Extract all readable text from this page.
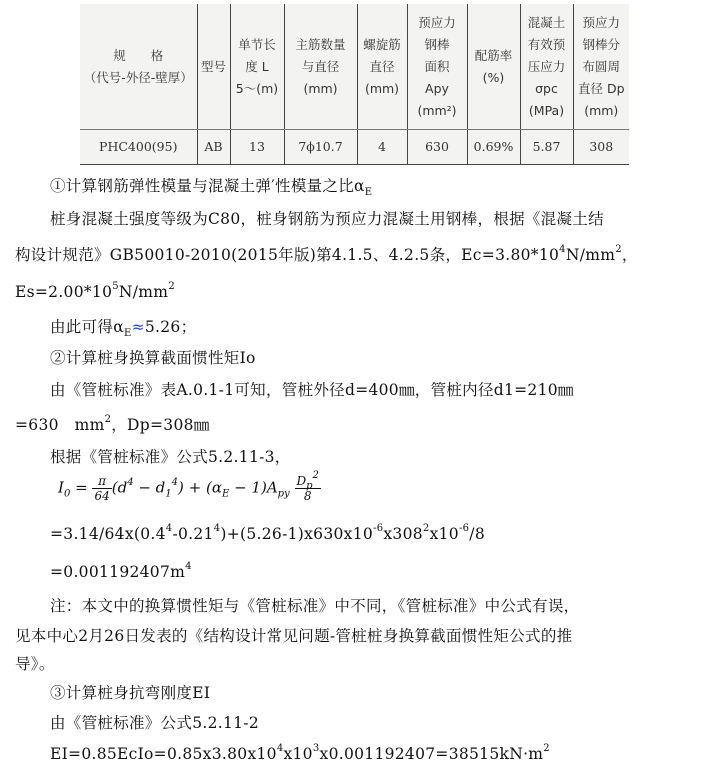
规　　格
（代号-外径-壁厚）	型号	单节长
度 L
5～(m)	主筋数量
与直径
(mm)	螺旋筋
直径
(mm)	预应力
钢棒
面积
Apy
(mm²)	配筋率
(%)	混凝土
有效预
压应力
σpc
(MPa)	预应力
钢棒分
布圆周
直径 Dp
(mm)

PHC400(95)	AB	13	7ϕ10.7	4	630	0.69%	5.87	308
①计算钢筋弹性模量与混凝土弹′性模量之比$\alpha_E$
桩身混凝土强度等级为C80，桩身钢筋为预应力混凝土用钢棒，根据《混凝土结
构设计规范》GB50010-2010(2015年版)第4.1.5、4.2.5条，$Ec=3.80*10^4N/mm^2$，
$Es=2.00*10^5N/mm^2$
由此可得$\alpha_E\approx 5.26$；
②计算桩身换算截面惯性矩Io
由《管桩标准》表A.0.1-1可知，管桩外径d=400㎜，管桩内径d1=210㎜
=630　$mm^2$，Dp=308㎜
根据《管桩标准》公式5.2.11-3，
$I_0 = \frac{\pi}{64} (d^4 - d_1^4) + (\alpha_E - 1)A_{py} \frac{D_p^2}{8}$
$=3.14/64x(0.4^4-0.21^4)+(5.26-1)x630x10^{-6}x308^2x10^{-6}/8$
$=0.001192407m^4$
注：本文中的换算惯性矩与《管桩标准》中不同，《管桩标准》中公式有误，
见本中心2月26日发表的《结构设计常见问题-管桩桩身换算截面惯性矩公式的推
导》。
③计算桩身抗弯刚度EI
由《管桩标准》公式5.2.11-2
$EI=0.85EcIo=0.85x3.80x10^4x10^3x0.001192407=38515kN\cdot m^2$
